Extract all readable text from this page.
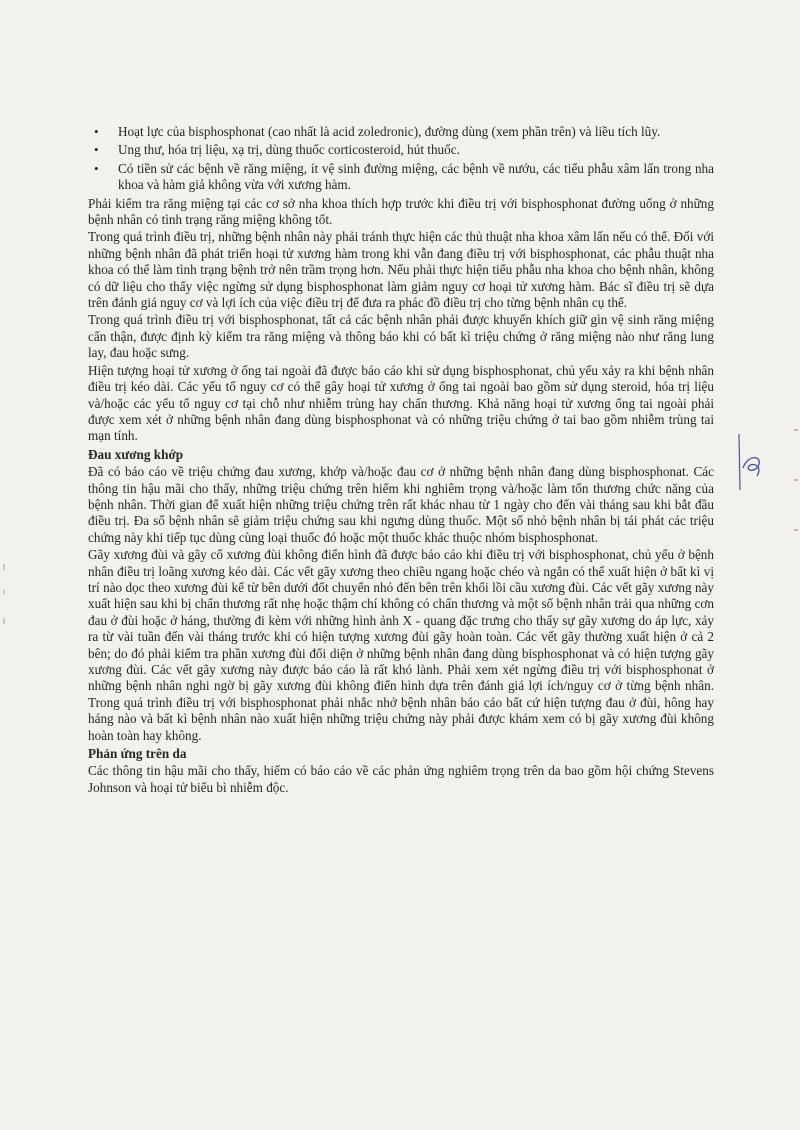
• Hoạt lực của bisphosphonat (cao nhất là acid zoledronic), đường dùng (xem phần trên) và liều tích lũy.
• Ung thư, hóa trị liệu, xạ trị, dùng thuốc corticosteroid, hút thuốc.
• Có tiền sử các bệnh về răng miệng, ít vệ sinh đường miệng, các bệnh về nướu, các tiểu phẫu xâm lấn trong nha khoa và hàm giả không vừa với xương hàm.

Phải kiểm tra răng miệng tại các cơ sở nha khoa thích hợp trước khi điều trị với bisphosphonat đường uống ở những bệnh nhân có tình trạng răng miệng không tốt.

Trong quá trình điều trị, những bệnh nhân này phải tránh thực hiện các thủ thuật nha khoa xâm lấn nếu có thể. Đối với những bệnh nhân đã phát triển hoại tử xương hàm trong khi vẫn đang điều trị với bisphosphonat, các phẫu thuật nha khoa có thể làm tình trạng bệnh trở nên trầm trọng hơn. Nếu phải thực hiện tiểu phẫu nha khoa cho bệnh nhân, không có dữ liệu cho thấy việc ngừng sử dụng bisphosphonat làm giảm nguy cơ hoại tử xương hàm. Bác sĩ điều trị sẽ dựa trên đánh giá nguy cơ và lợi ích của việc điều trị để đưa ra phác đồ điều trị cho từng bệnh nhân cụ thể.

Trong quá trình điều trị với bisphosphonat, tất cả các bệnh nhân phải được khuyến khích giữ gìn vệ sinh răng miệng cẩn thận, được định kỳ kiểm tra răng miệng và thông báo khi có bất kì triệu chứng ở răng miệng nào như răng lung lay, đau hoặc sưng.

Hiện tượng hoại tử xương ở ống tai ngoài đã được báo cáo khi sử dụng bisphosphonat, chủ yếu xảy ra khi bệnh nhân điều trị kéo dài. Các yếu tố nguy cơ có thể gây hoại tử xương ở ống tai ngoài bao gồm sử dụng steroid, hóa trị liệu và/hoặc các yếu tố nguy cơ tại chỗ như nhiễm trùng hay chấn thương. Khả năng hoại tử xương ống tai ngoài phải được xem xét ở những bệnh nhân đang dùng bisphosphonat và có những triệu chứng ở tai bao gồm nhiễm trùng tai mạn tính.

Đau xương khớp

Đã có báo cáo về triệu chứng đau xương, khớp và/hoặc đau cơ ở những bệnh nhân đang dùng bisphosphonat. Các thông tin hậu mãi cho thấy, những triệu chứng trên hiếm khi nghiêm trọng và/hoặc làm tổn thương chức năng của bệnh nhân. Thời gian để xuất hiện những triệu chứng trên rất khác nhau từ 1 ngày cho đến vài tháng sau khi bắt đầu điều trị. Đa số bệnh nhân sẽ giảm triệu chứng sau khi ngưng dùng thuốc. Một số nhỏ bệnh nhân bị tái phát các triệu chứng này khi tiếp tục dùng cùng loại thuốc đó hoặc một thuốc khác thuộc nhóm bisphosphonat.

Gãy xương đùi và gãy cổ xương đùi không điển hình đã được báo cáo khi điều trị với bisphosphonat, chủ yếu ở bệnh nhân điều trị loãng xương kéo dài. Các vết gãy xương theo chiều ngang hoặc chéo và ngắn có thể xuất hiện ở bất kì vị trí nào dọc theo xương đùi kể từ bên dưới đốt chuyển nhỏ đến bên trên khối lồi cầu xương đùi. Các vết gãy xương này xuất hiện sau khi bị chấn thương rất nhẹ hoặc thậm chí không có chấn thương và một số bệnh nhân trải qua những cơn đau ở đùi hoặc ở háng, thường đi kèm với những hình ảnh X - quang đặc trưng cho thấy sự gãy xương do áp lực, xảy ra từ vài tuần đến vài tháng trước khi có hiện tượng xương đùi gãy hoàn toàn. Các vết gãy thường xuất hiện ở cả 2 bên; do đó phải kiểm tra phần xương đùi đối diện ở những bệnh nhân đang dùng bisphosphonat và có hiện tượng gãy xương đùi. Các vết gãy xương này được báo cáo là rất khó lành. Phải xem xét ngừng điều trị với bisphosphonat ở những bệnh nhân nghi ngờ bị gãy xương đùi không điển hình dựa trên đánh giá lợi ích/nguy cơ ở từng bệnh nhân. Trong quá trình điều trị với bisphosphonat phải nhắc nhở bệnh nhân báo cáo bất cứ hiện tượng đau ở đùi, hông hay háng nào và bất kì bệnh nhân nào xuất hiện những triệu chứng này phải được khám xem có bị gãy xương đùi không hoàn toàn hay không.

Phản ứng trên da

Các thông tin hậu mãi cho thấy, hiếm có báo cáo về các phản ứng nghiêm trọng trên da bao gồm hội chứng Stevens Johnson và hoại tử biểu bì nhiễm độc.
